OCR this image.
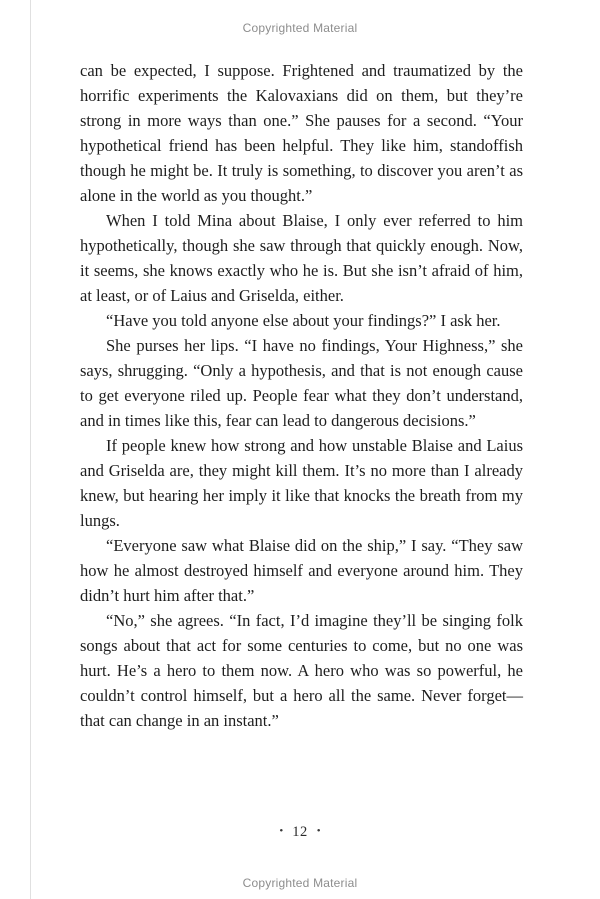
Copyrighted Material

can be expected, I suppose. Frightened and traumatized by the horrific experiments the Kalovaxians did on them, but they’re strong in more ways than one.” She pauses for a second. “Your hypothetical friend has been helpful. They like him, standoffish though he might be. It truly is something, to discover you aren’t as alone in the world as you thought.”

When I told Mina about Blaise, I only ever referred to him hypothetically, though she saw through that quickly enough. Now, it seems, she knows exactly who he is. But she isn’t afraid of him, at least, or of Laius and Griselda, either.

“Have you told anyone else about your findings?” I ask her.

She purses her lips. “I have no findings, Your Highness,” she says, shrugging. “Only a hypothesis, and that is not enough cause to get everyone riled up. People fear what they don’t understand, and in times like this, fear can lead to dangerous decisions.”

If people knew how strong and how unstable Blaise and Laius and Griselda are, they might kill them. It’s no more than I already knew, but hearing her imply it like that knocks the breath from my lungs.

“Everyone saw what Blaise did on the ship,” I say. “They saw how he almost destroyed himself and everyone around him. They didn’t hurt him after that.”

“No,” she agrees. “In fact, I’d imagine they’ll be singing folk songs about that act for some centuries to come, but no one was hurt. He’s a hero to them now. A hero who was so powerful, he couldn’t control himself, but a hero all the same. Never forget—that can change in an instant.”

• 12 •
Copyrighted Material
